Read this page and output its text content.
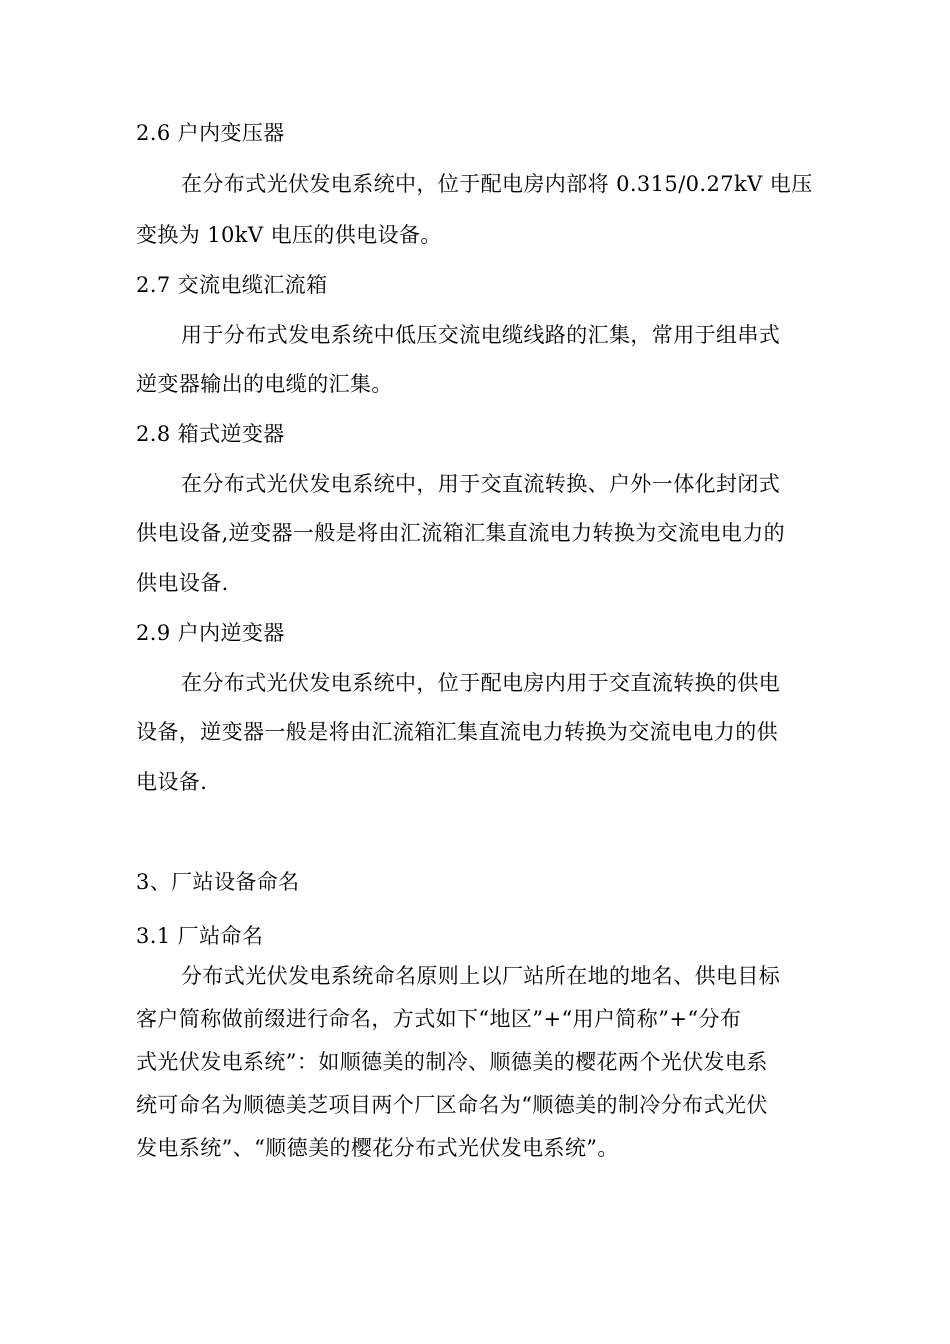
2.6 户内变压器
在分布式光伏发电系统中，位于配电房内部将 0.315/0.27kV 电压
变换为 10kV 电压的供电设备。
2.7 交流电缆汇流箱
用于分布式发电系统中低压交流电缆线路的汇集，常用于组串式
逆变器输出的电缆的汇集。
2.8 箱式逆变器
在分布式光伏发电系统中，用于交直流转换、户外一体化封闭式
供电设备,逆变器一般是将由汇流箱汇集直流电力转换为交流电电力的
供电设备.
2.9 户内逆变器
在分布式光伏发电系统中，位于配电房内用于交直流转换的供电
设备，逆变器一般是将由汇流箱汇集直流电力转换为交流电电力的供
电设备.
3、厂站设备命名
3.1 厂站命名
分布式光伏发电系统命名原则上以厂站所在地的地名、供电目标
客户简称做前缀进行命名，方式如下“地区”+“用户简称”+“分布
式光伏发电系统”：如顺德美的制冷、顺德美的樱花两个光伏发电系
统可命名为顺德美芝项目两个厂区命名为“顺德美的制冷分布式光伏
发电系统”、“顺德美的樱花分布式光伏发电系统”。
